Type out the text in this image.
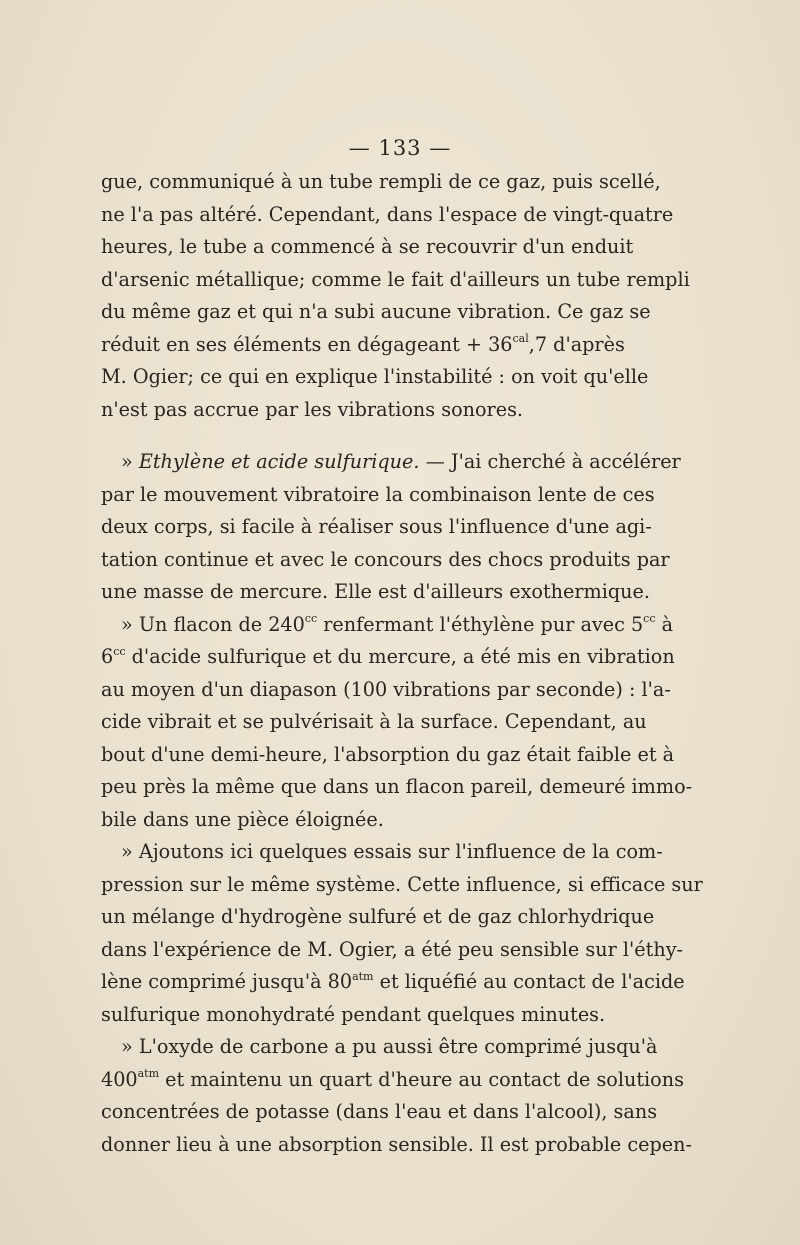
— 133 —
gue, communiqué à un tube rempli de ce gaz, puis scellé,
ne l'a pas altéré. Cependant, dans l'espace de vingt-quatre
heures, le tube a commencé à se recouvrir d'un enduit
d'arsenic métallique; comme le fait d'ailleurs un tube rempli
du même gaz et qui n'a subi aucune vibration. Ce gaz se
réduit en ses éléments en dégageant + $36^{cal},7$ d'après
M. Ogier; ce qui en explique l'instabilité : on voit qu'elle
n'est pas accrue par les vibrations sonores.
» Ethylène et acide sulfurique. — J'ai cherché à accélérer
par le mouvement vibratoire la combinaison lente de ces
deux corps, si facile à réaliser sous l'influence d'une agi-
tation continue et avec le concours des chocs produits par
une masse de mercure. Elle est d'ailleurs exothermique.
» Un flacon de $240^{cc}$ renfermant l'éthylène pur avec $5^{cc}$ à
$6^{cc}$ d'acide sulfurique et du mercure, a été mis en vibration
au moyen d'un diapason (100 vibrations par seconde) : l'a-
cide vibrait et se pulvérisait à la surface. Cependant, au
bout d'une demi-heure, l'absorption du gaz était faible et à
peu près la même que dans un flacon pareil, demeuré immo-
bile dans une pièce éloignée.
» Ajoutons ici quelques essais sur l'influence de la com-
pression sur le même système. Cette influence, si efficace sur
un mélange d'hydrogène sulfuré et de gaz chlorhydrique
dans l'expérience de M. Ogier, a été peu sensible sur l'éthy-
lène comprimé jusqu'à $80^{atm}$ et liquéfié au contact de l'acide
sulfurique monohydraté pendant quelques minutes.
» L'oxyde de carbone a pu aussi être comprimé jusqu'à
$400^{atm}$ et maintenu un quart d'heure au contact de solutions
concentrées de potasse (dans l'eau et dans l'alcool), sans
donner lieu à une absorption sensible. Il est probable cepen-
